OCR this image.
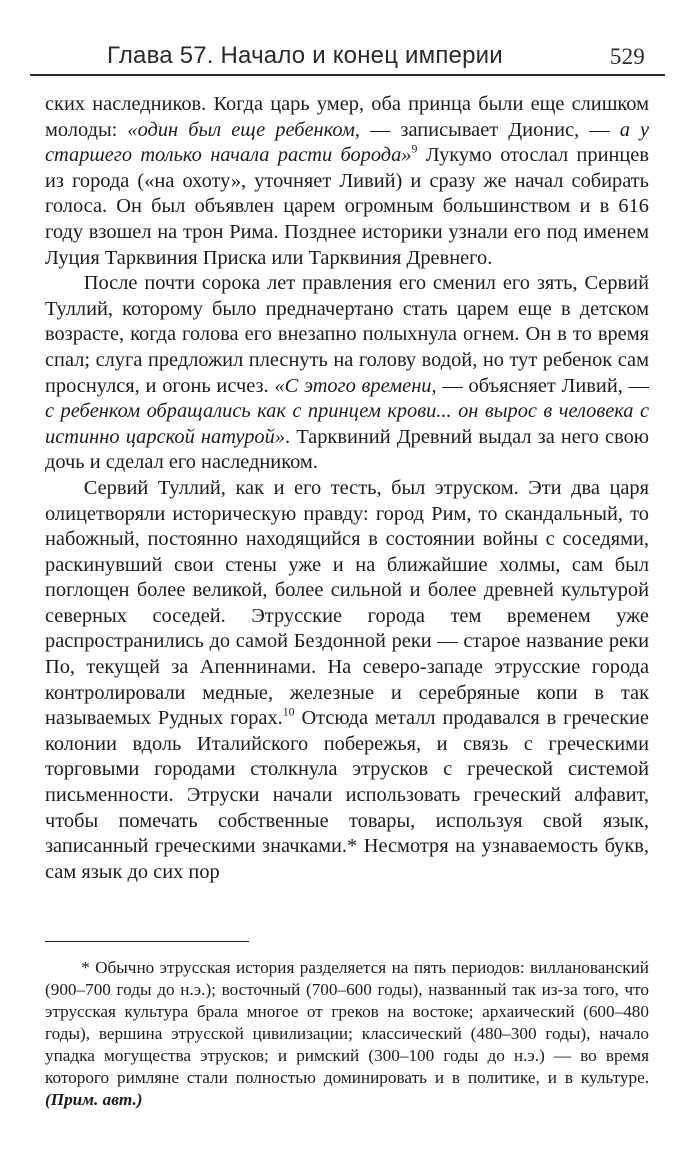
Глава 57. Начало и конец империи	529

ских наследников. Когда царь умер, оба принца были еще слишком молоды: «один был еще ребенком, — записывает Дионис, — а у старшего только начала расти борода»$^9$ Лукумо отослал принцев из города («на охоту», уточняет Ливий) и сразу же начал собирать голоса. Он был объявлен царем огромным большинством и в 616 году взошел на трон Рима. Позднее историки узнали его под именем Луция Тарквиния Приска или Тарквиния Древнего.

После почти сорока лет правления его сменил его зять, Сервий Туллий, которому было предначертано стать царем еще в детском возрасте, когда голова его внезапно полыхнула огнем. Он в то время спал; слуга предложил плеснуть на голову водой, но тут ребенок сам проснулся, и огонь исчез. «С этого времени, — объясняет Ливий, — с ребенком обращались как с принцем крови... он вырос в человека с истинно царской натурой». Тарквиний Древний выдал за него свою дочь и сделал его наследником.

Сервий Туллий, как и его тесть, был этруском. Эти два царя олицетворяли историческую правду: город Рим, то скандальный, то набожный, постоянно находящийся в состоянии войны с соседями, раскинувший свои стены уже и на ближайшие холмы, сам был поглощен более великой, более сильной и более древней культурой северных соседей. Этрусские города тем временем уже распространились до самой Бездонной реки — старое название реки По, текущей за Апеннинами. На северо-западе этрусские города контролировали медные, железные и серебряные копи в так называемых Рудных горах.$^{10}$ Отсюда металл продавался в греческие колонии вдоль Италийского побережья, и связь с греческими торговыми городами столкнула этрусков с греческой системой письменности. Этруски начали использовать греческий алфавит, чтобы помечать собственные товары, используя свой язык, записанный греческими значками.* Несмотря на узнаваемость букв, сам язык до сих пор

* Обычно этрусская история разделяется на пять периодов: вилланованский (900–700 годы до н.э.); восточный (700–600 годы), названный так из-за того, что этрусская культура брала многое от греков на востоке; архаический (600–480 годы), вершина этрусской цивилизации; классический (480–300 годы), начало упадка могущества этрусков; и римский (300–100 годы до н.э.) — во время которого римляне стали полностью доминировать и в политике, и в культуре. (Прим. авт.)
